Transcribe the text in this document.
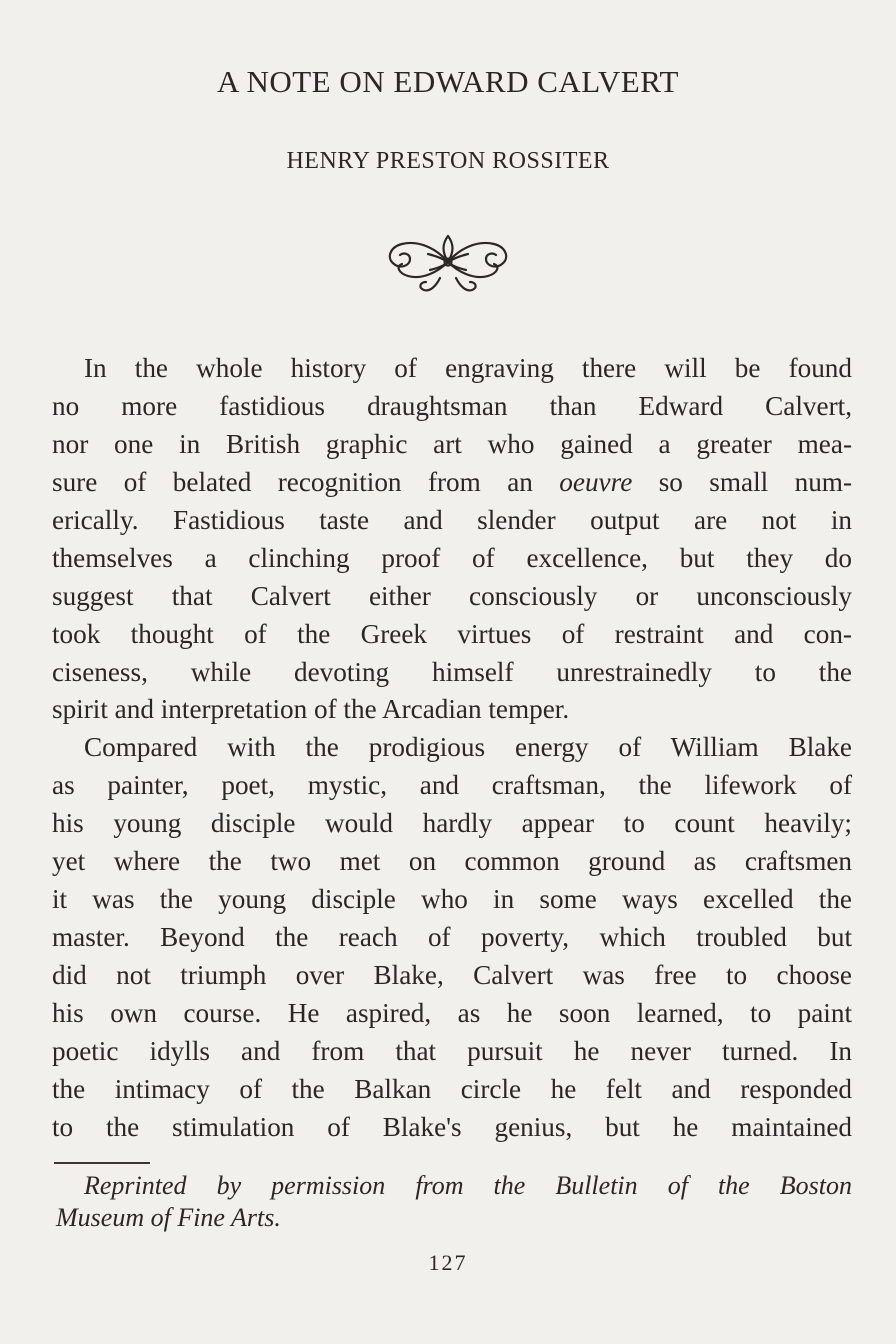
A NOTE ON EDWARD CALVERT
HENRY PRESTON ROSSITER
In the whole history of engraving there will be found
no more fastidious draughtsman than Edward Calvert,
nor one in British graphic art who gained a greater mea-
sure of belated recognition from an oeuvre so small num-
erically. Fastidious taste and slender output are not in
themselves a clinching proof of excellence, but they do
suggest that Calvert either consciously or unconsciously
took thought of the Greek virtues of restraint and con-
ciseness, while devoting himself unrestrainedly to the
spirit and interpretation of the Arcadian temper.
Compared with the prodigious energy of William Blake
as painter, poet, mystic, and craftsman, the lifework of
his young disciple would hardly appear to count heavily;
yet where the two met on common ground as craftsmen
it was the young disciple who in some ways excelled the
master. Beyond the reach of poverty, which troubled but
did not triumph over Blake, Calvert was free to choose
his own course. He aspired, as he soon learned, to paint
poetic idylls and from that pursuit he never turned. In
the intimacy of the Balkan circle he felt and responded
to the stimulation of Blake's genius, but he maintained
Reprinted by permission from the Bulletin of the Boston
Museum of Fine Arts.
127
